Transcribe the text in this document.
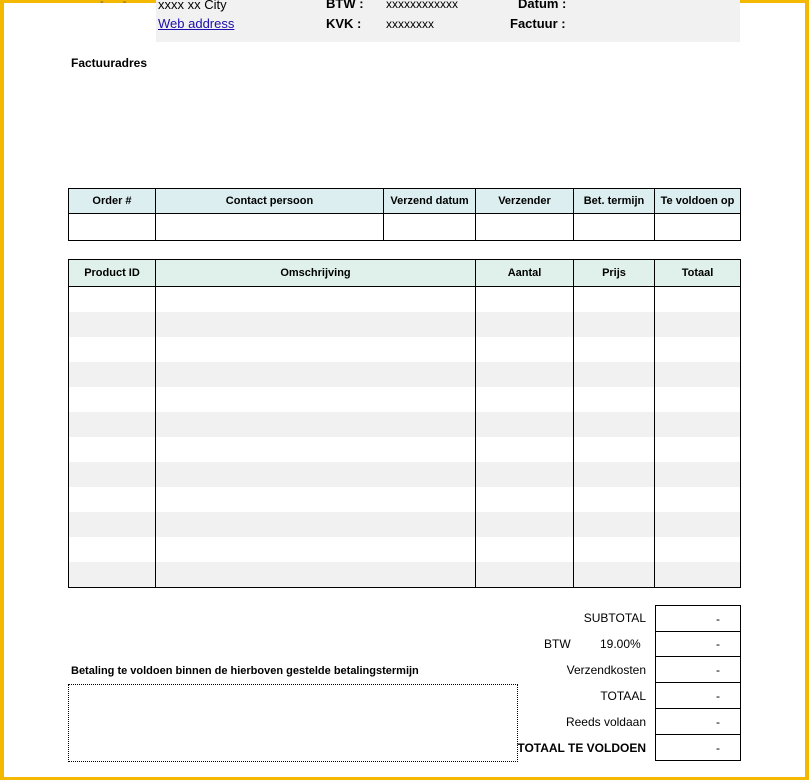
- - xxxx xx City
Web address
BTW : xxxxxxxxxxxx
KVK : xxxxxxxx
Datum :
Factuur :
Factuuradres
Order #	Contact persoon	Verzend datum	Verzender	Bet. termijn	Te voldoen op

Product ID	Omschrijving	Aantal	Prijs	Totaal

SUBTOTAL	-
BTW 19.00%	-
Verzendkosten	-
TOTAAL	-
Reeds voldaan	-
TOTAAL TE VOLDOEN	-
Betaling te voldoen binnen de hierboven gestelde betalingstermijn
